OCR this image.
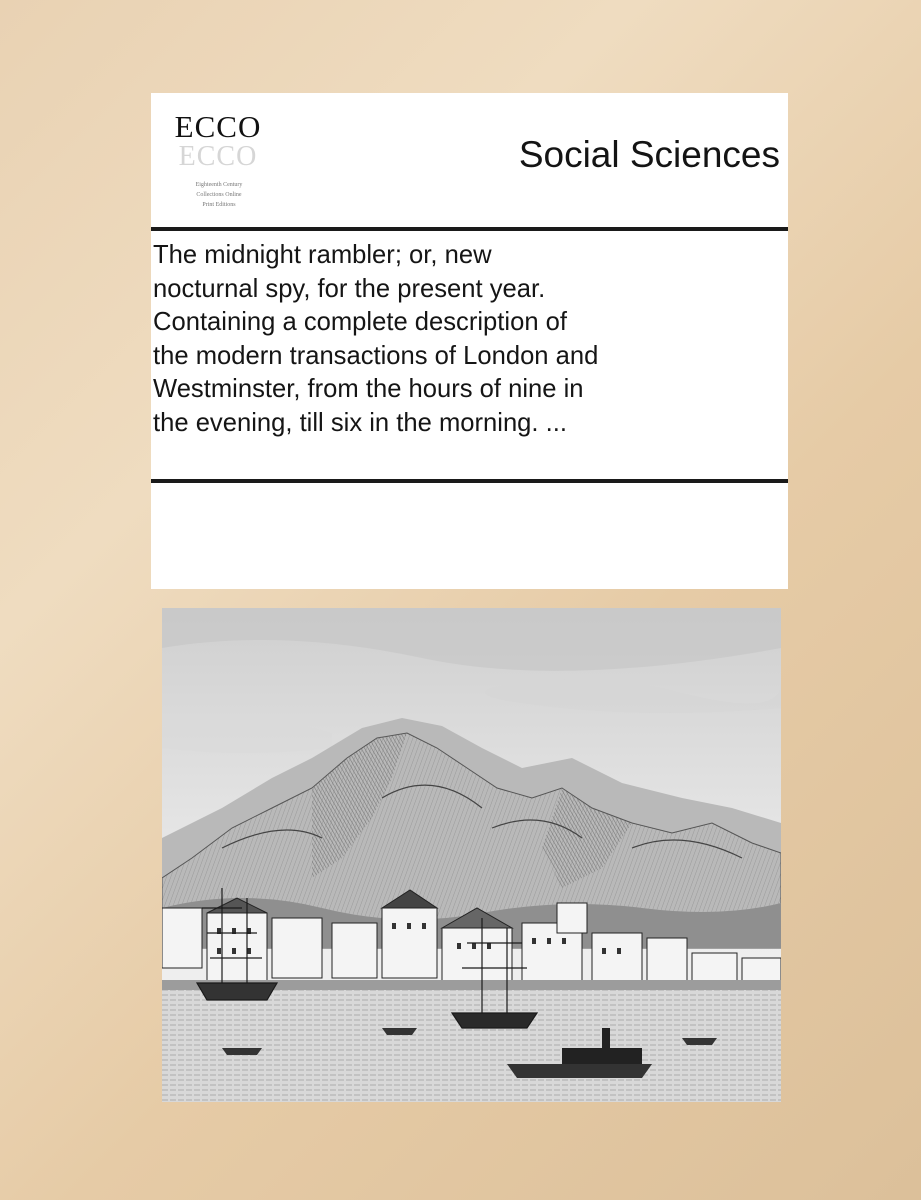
ECCO
ECCO
Eighteenth Century
Collections Online
Print Editions
Social Sciences
The midnight rambler; or, new
nocturnal spy, for the present year.
Containing a complete description of
the modern transactions of London and
Westminster, from the hours of nine in
the evening, till six in the morning. ...
